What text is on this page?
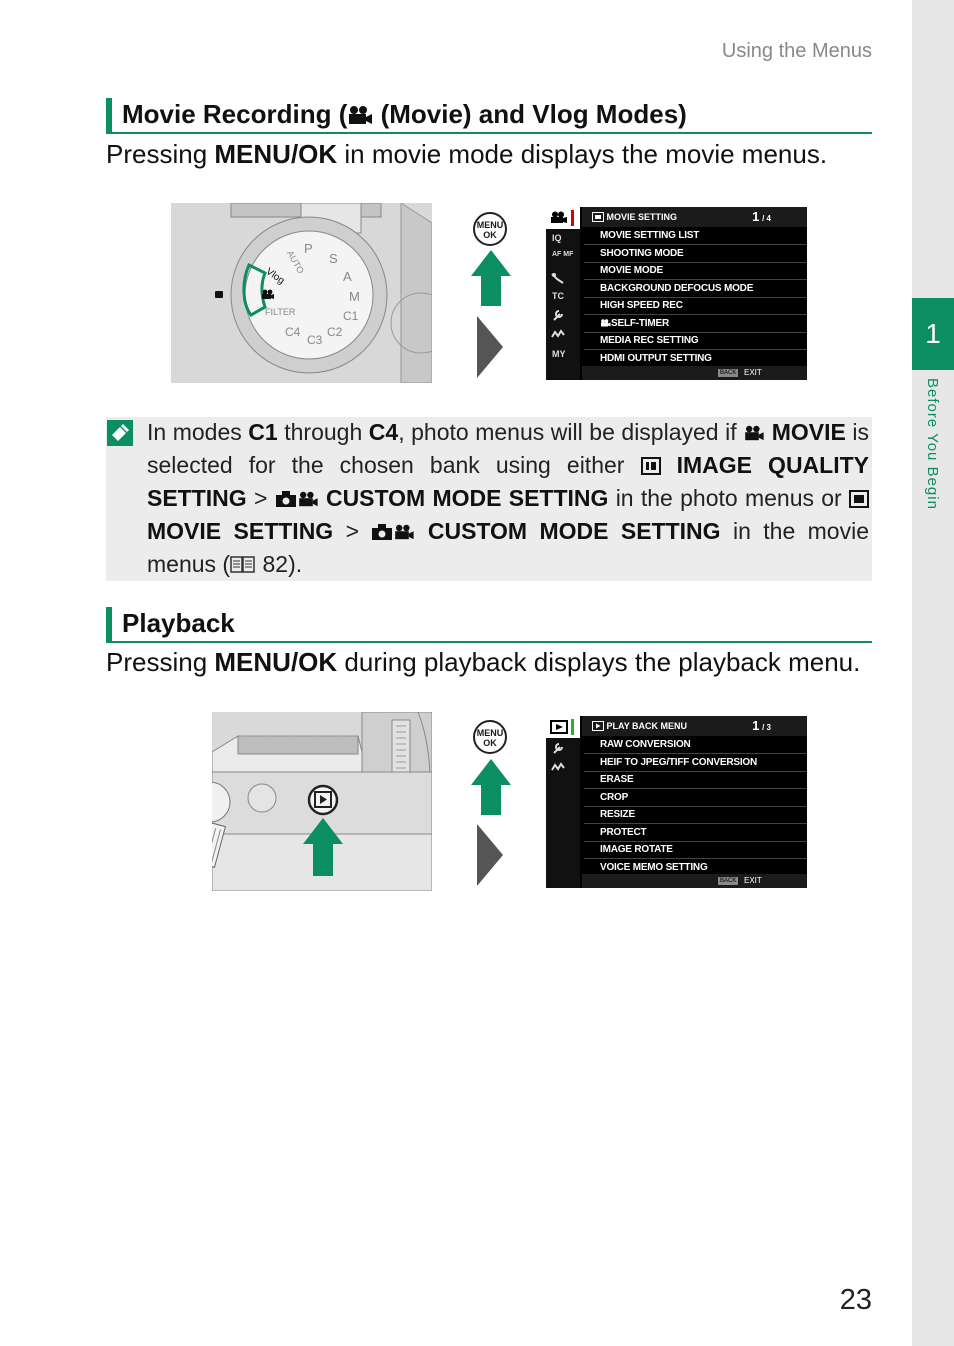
1
Before You Begin
Using the Menus
Movie Recording ( (Movie) and Vlog Modes)
Pressing MENU/OK in movie mode displays the movie menus.
P
S
A
M
C1
C2
C3
C4
FILTER
AUTO
Vlog
MENU
OK	IQ
AF MF
TC
MY
MOVIE SETTING	1 / 4
MOVIE SETTING LIST
SHOOTING MODE
MOVIE MODE
BACKGROUND DEFOCUS MODE
HIGH SPEED REC
SELF-TIMER
MEDIA REC SETTING
HDMI OUTPUT SETTING
BACK EXIT
In modes C1 through C4, photo menus will be displayed if  MOVIE is selected for the chosen bank using either  IMAGE QUALITY SETTING >  CUSTOM MODE SETTING in the photo menus or  MOVIE SETTING >  CUSTOM MODE SETTING in the movie menus ( 82).
Playback
Pressing MENU/OK during playback displays the playback menu.
MENU
OK
PLAY BACK MENU	1 / 3
RAW CONVERSION
HEIF TO JPEG/TIFF CONVERSION
ERASE
CROP
RESIZE
PROTECT
IMAGE ROTATE
VOICE MEMO SETTING
BACK EXIT
23
